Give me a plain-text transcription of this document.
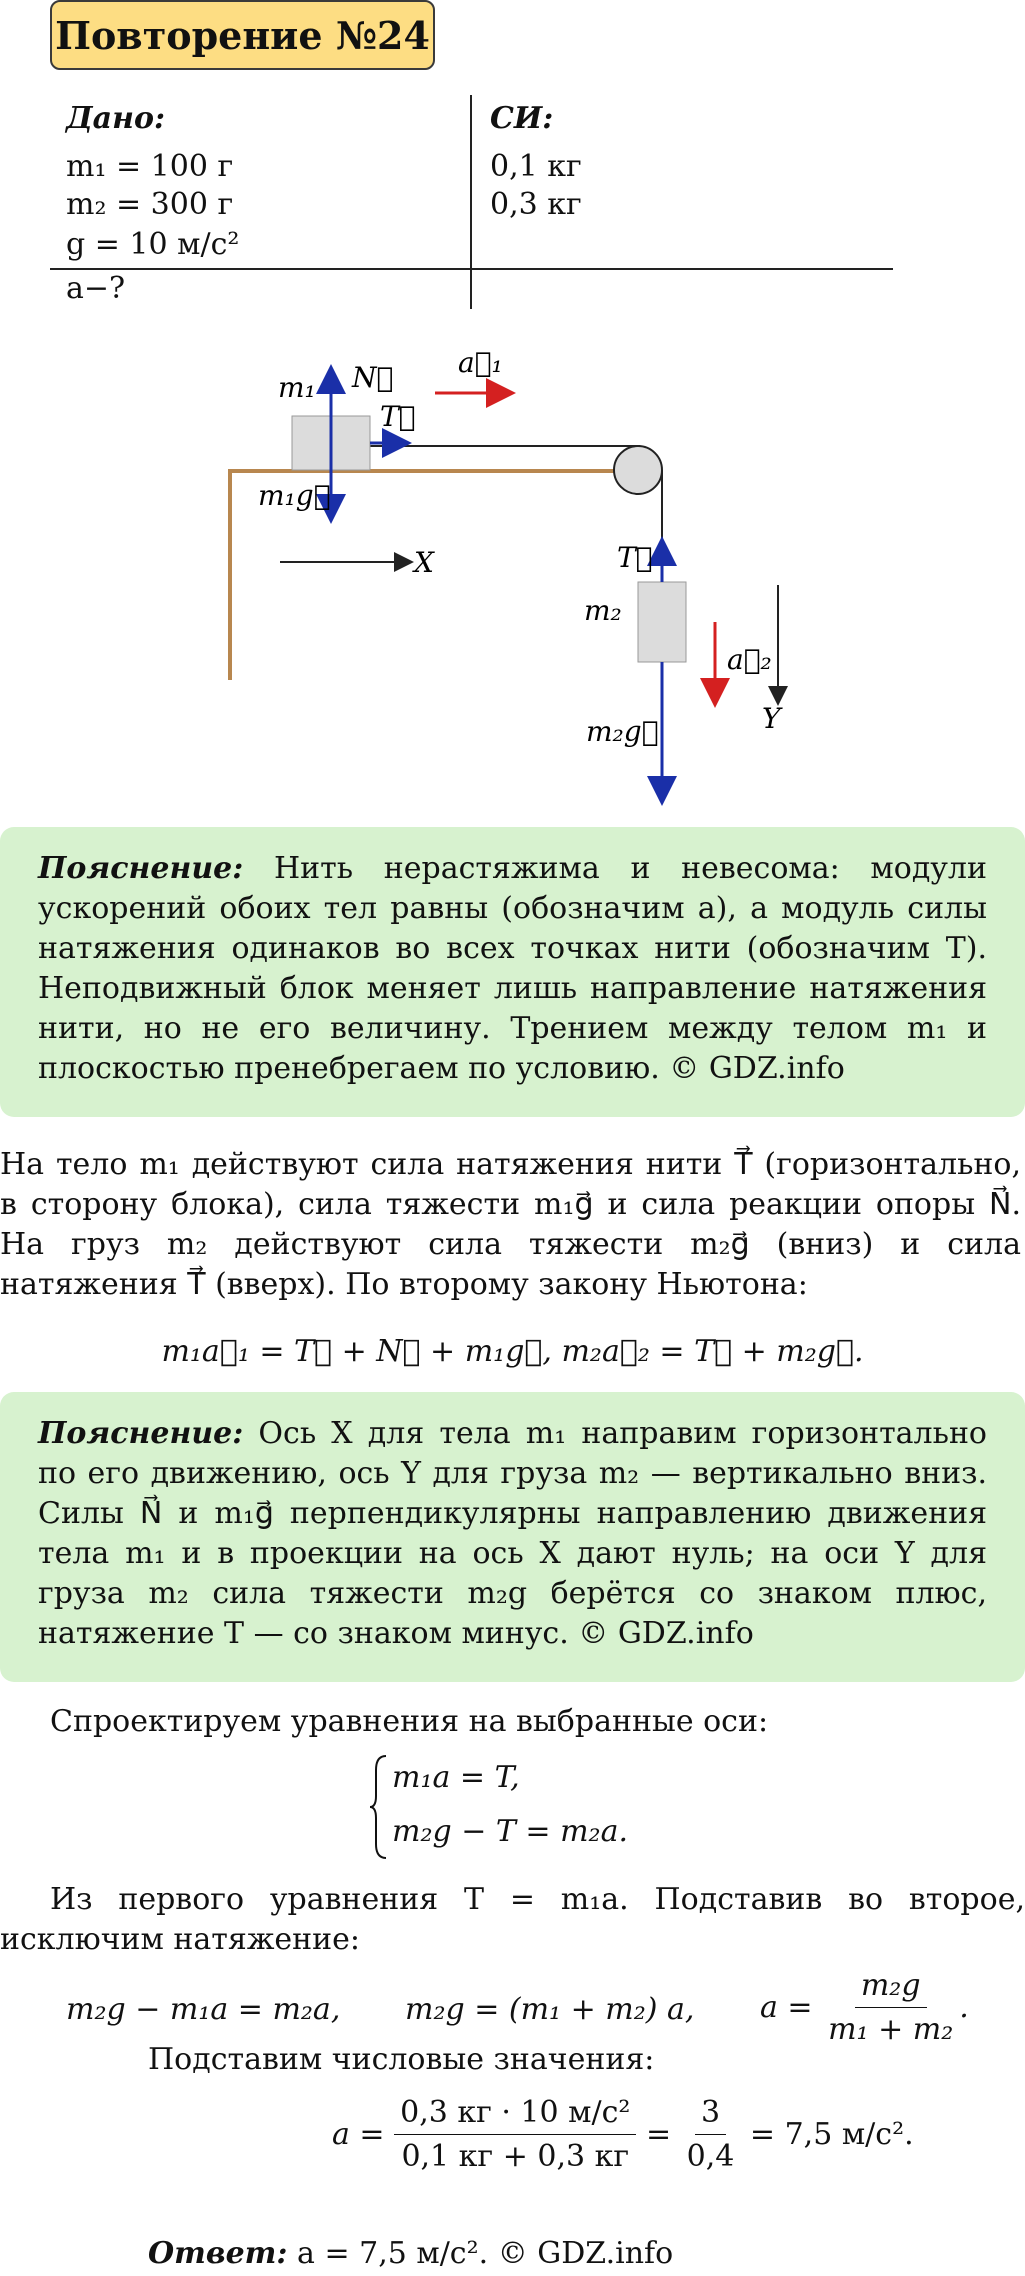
Повторение №24
Дано:
m₁ = 100 г
m₂ = 300 г
g = 10 м/с²
a−?
СИ:
0,1 кг
0,3 кг
m₁ N⃗
T⃗
a⃗₁
m₁g⃗
X	T⃗
m₂
a⃗₂
Y
m₂g⃗
Пояснение: Нить нерастяжима и невесома: модули ускорений обоих тел равны (обозначим a), а модуль силы натяжения одинаков во всех точках нити (обозначим T). Неподвижный блок меняет лишь направление натяжения нити, но не его величину. Трением между телом m₁ и плоскостью пренебрегаем по условию. © GDZ.info
На тело m₁ действуют сила натяжения нити T⃗ (горизонтально, в сторону блока), сила тяжести m₁g⃗ и сила реакции опоры N⃗. На груз m₂ действуют сила тяжести m₂g⃗ (вниз) и сила натяжения T⃗ (вверх). По второму закону Ньютона:
m₁a⃗₁ = T⃗ + N⃗ + m₁g⃗, m₂a⃗₂ = T⃗ + m₂g⃗.
Пояснение: Ось X для тела m₁ направим горизонтально по его движению, ось Y для груза m₂ — вертикально вниз. Силы N⃗ и m₁g⃗ перпендикулярны направлению движения тела m₁ и в проекции на ось X дают нуль; на оси Y для груза m₂ сила тяжести m₂g берётся со знаком плюс, натяжение T — со знаком минус. © GDZ.info
Спроектируем уравнения на выбранные оси:
m₁a = T,
m₂g − T = m₂a.
Из первого уравнения T = m₁a. Подставив во второе, исключим натяжение:
m₂g − m₁a = m₂a, m₂g = (m₁ + m₂) a, a =
$\frac{\text{m₂g}}{\text{m₁ + m₂}}$ .
Подставим числовые значения:
a =
$\frac{\text{0,3 кг · 10 м/с²}}{0,1 кг + 0,3 кг}$
=
$\frac{3}{0,4}$
= 7,5 м/с².
Ответ: a = 7,5 м/с². © GDZ.info
